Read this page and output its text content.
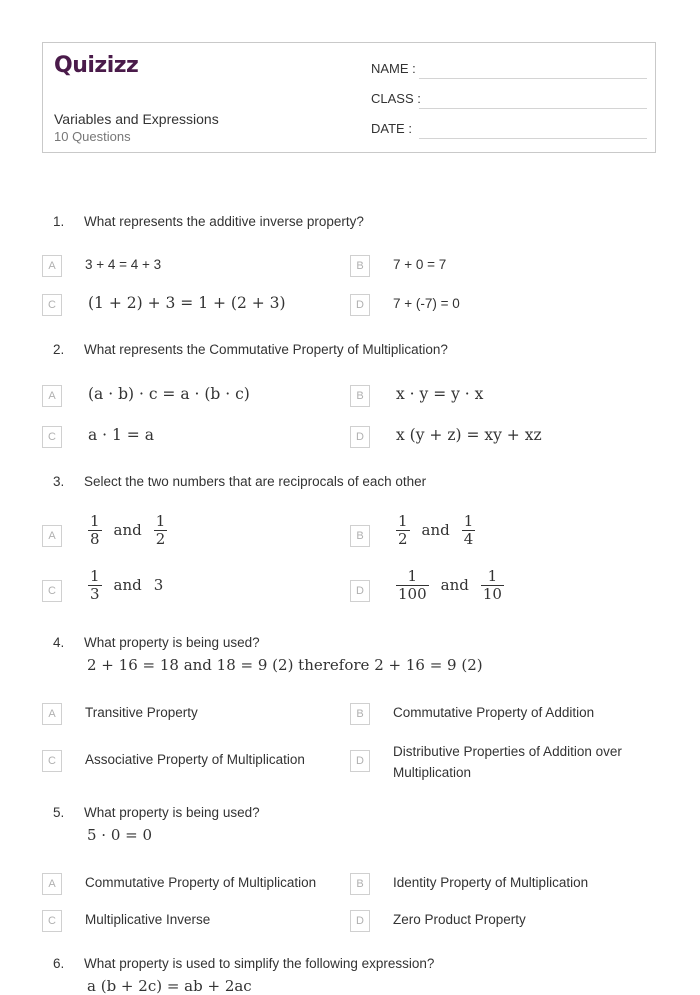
Quizizz
Variables and Expressions
10 Questions
NAME :
CLASS :
DATE :
1. What represents the additive inverse property?
A	3 + 4 = 4 + 3	B	7 + 0 = 7
C	(1 + 2) + 3 = 1 + (2 + 3)	D	7 + (-7) = 0
2. What represents the Commutative Property of Multiplication?
A	(a · b) · c = a · (b · c)	B	x · y = y · x
C	a · 1 = a	D	x (y + z) = xy + xz
3. Select the two numbers that are reciprocals of each other
A	$\frac{1}{8}$ and $\frac{1}{2}$	B	$\frac{1}{2}$ and $\frac{1}{4}$
C	$\frac{1}{3}$ and 3	D	$\frac{1}{100}$ and $\frac{1}{10}$
4. What property is being used?
2 + 16 = 18 and 18 = 9 (2) therefore 2 + 16 = 9 (2)
A	Transitive Property	B	Commutative Property of Addition
C	Associative Property of Multiplication	D
Distributive Properties of Addition over Multiplication
5. What property is being used?
5 · 0 = 0
A	Commutative Property of Multiplication	B	Identity Property of Multiplication
C	Multiplicative Inverse	D	Zero Product Property
6. What property is used to simplify the following expression?
a (b + 2c) = ab + 2ac
